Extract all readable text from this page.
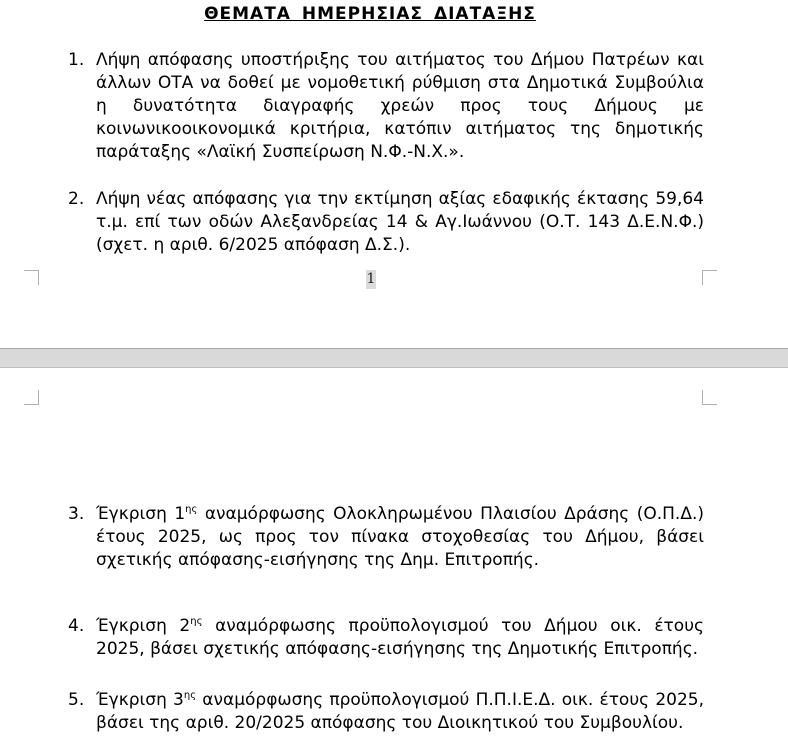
ΘΕΜΑΤΑ ΗΜΕΡΗΣΙΑΣ ΔΙΑΤΑΞΗΣ
1. Λήψη απόφασης υποστήριξης του αιτήματος του Δήμου Πατρέων και άλλων ΟΤΑ να δοθεί με νομοθετική ρύθμιση στα Δημοτικά Συμβούλια η δυνατότητα διαγραφής χρεών προς τους Δήμους με κοινωνικοοικονομικά κριτήρια, κατόπιν αιτήματος της δημοτικής παράταξης «Λαϊκή Συσπείρωση Ν.Φ.-Ν.Χ.».
2. Λήψη νέας απόφασης για την εκτίμηση αξίας εδαφικής έκτασης 59,64 τ.μ. επί των οδών Αλεξανδρείας 14 & Αγ.Ιωάννου (Ο.Τ. 143 Δ.Ε.Ν.Φ.) (σχετ. η αριθ. 6/2025 απόφαση Δ.Σ.).
1
3. Έγκριση $1^{\eta\varsigma}$ αναμόρφωσης Ολοκληρωμένου Πλαισίου Δράσης (Ο.Π.Δ.) έτους 2025, ως προς τον πίνακα στοχοθεσίας του Δήμου, βάσει σχετικής απόφασης-εισήγησης της Δημ. Επιτροπής.
4. Έγκριση $2^{\eta\varsigma}$ αναμόρφωσης προϋπολογισμού του Δήμου οικ. έτους 2025, βάσει σχετικής απόφασης-εισήγησης της Δημοτικής Επιτροπής.
5. Έγκριση $3^{\eta\varsigma}$ αναμόρφωσης προϋπολογισμού Π.Π.Ι.Ε.Δ. οικ. έτους 2025, βάσει της αριθ. 20/2025 απόφασης του Διοικητικού του Συμβουλίου.
